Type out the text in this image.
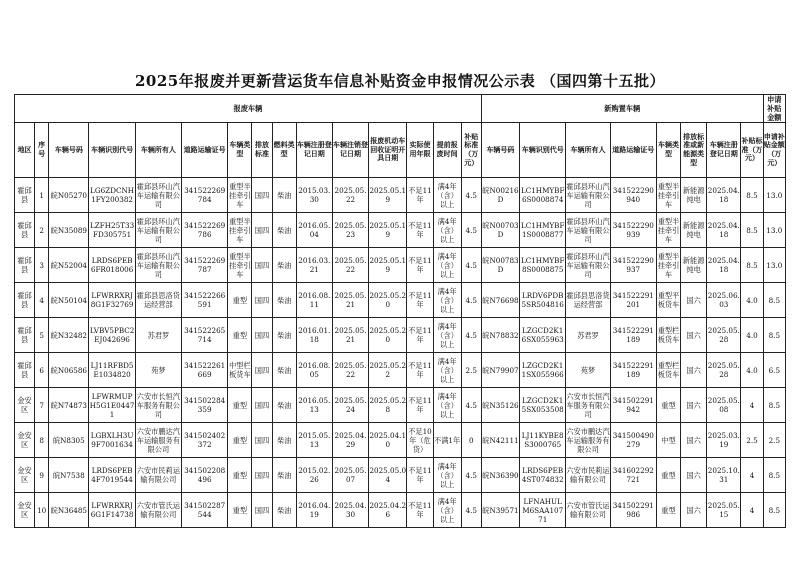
2025年报废并更新营运货车信息补贴资金申报情况公示表 （国四第十五批）
报废车辆															新购置车辆								申请补贴金额
地区	序号	车辆号码	车辆识别代号	车辆所有人	道路运输证号	车辆类型	排放标准	燃料类型	车辆注册登记日期	车辆注销登记日期	报废机动车回收证明开具日期	实际使用年限	提前报废时间	补贴标准（万元）	车辆号码	车辆识别代号	车辆所有人	道路运输证号	车辆类型	排放标准或新能源类型	车辆注册登记日期	补贴标准（万元）	申请补贴金额（万元）
霍邱县	1	皖N05270	LG6ZDCNH1FY200382	霍邱县环山汽车运输有限公司	341522269784	重型半挂牵引车	国四	柴油	2015.03.30	2025.05.22	2025.05.19	不足11年	满4年（含）以上	4.5	皖N00216D	LC1HMYBF6S0008874	霍邱县环山汽车运输有限公司	341522290940	重型半挂牵引车	新能源纯电	2025.04.18	8.5	13.0
霍邱县	2	皖N35089	LZFH25T33FD305751	霍邱县环山汽车运输有限公司	341522269786	重型半挂牵引车	国四	柴油	2016.05.04	2025.05.23	2025.05.19	不足11年	满4年（含）以上	4.5	皖N00703D	LC1HMYBF1S0008877	霍邱县环山汽车运输有限公司	341522290939	重型半挂牵引车	新能源纯电	2025.04.18	8.5	13.0
霍邱县	3	皖N52004	LRDS6PEB6FR018006	霍邱县环山汽车运输有限公司	341522269787	重型半挂牵引车	国四	柴油	2016.03.21	2025.05.22	2025.05.19	不足11年	满4年（含）以上	4.5	皖N00783D	LC1HMYBF8S0008875	霍邱县环山汽车运输有限公司	341522290937	重型半挂牵引车	新能源纯电	2025.04.18	8.5	13.0
霍邱县	4	皖N50104	LFWRRXRJ8G1F32769	霍邱县思洛货运经营部	341522266591	重型	国四	柴油	2016.08.11	2025.05.21	2025.05.20	不足11年	满4年（含）以上	4.5	皖N76698	LRDV6PDB5SR504816	霍邱县思洛货运经营部	341522291201	重型平板货车	国六	2025.06.03	4.0	8.5
霍邱县	5	皖N32482	LVBV5PBC2EJ042696	苏君罗	341522265714	重型	国四	柴油	2016.01.18	2025.05.21	2025.05.20	不足11年	满4年（含）以上	4.5	皖N78832	LZGCD2K16SX055963	苏君罗	341522291189	重型栏板货车	国六	2025.05.28	4.0	8.5
霍邱县	6	皖N06586	LJ11RFBD5E1034820	苑梦	341522261669	中型栏板货车	国四	柴油	2016.08.05	2025.05.22	2025.05.22	不足11年	满4年（含）以上	2.5	皖N79907	LZGCD2K11SX055966	苑梦	341522291189	重型栏板货车	国六	2025.05.28	4.0	6.5
金安区	7	皖N74873	LFWRMUPH5G1E04471	六安市长恒汽车服务有限公司	341502284359	重型	国四	柴油	2016.05.13	2025.05.24	2025.05.28	不足11年	满4年（含）以上	4.5	皖N35126	LZGCD2K15SX053508	六安市长恒汽车服务有限公司	341502291942	重型	国六	2025.05.08	4	8.5
金安区	8	皖N8305	LGBXLH3U9F7001634	六安市鹏达汽车运输服务有限公司	341502402372	重型	国四	柴油	2015.05.13	2025.04.29	2025.04.10	不足10年（危货）	不满1年	0	皖N42111	LJ11KYBE8S3000765	六安市鹏达汽车运输服务有限公司	341500490279	中型	国六	2025.03.19	2.5	2.5
金安区	9	皖N7538	LRDS6PEB4F7019544	六安市民莉运输有限公司	341502208496	重型	国四	柴油	2015.02.26	2025.05.07	2025.05.04	不足11年	满4年（含）以上	4.5	皖N36390	LRDS6PEB4ST074832	六安市民莉运输有限公司	341602292721	重型	国六	2025.10.31	4	8.5
金安区	10	皖N36485	LFWRRXRJ6G1F14738	六安市管氏运输有限公司	341502287544	重型	国四	柴油	2016.04.19	2025.04.30	2025.04.26	不足11年	满4年（含）以上	4.5	皖N39571	LFNAHULM6SAA10771	六安市管氏运输有限公司	341502291986	重型	国六	2025.05.15	4	8.5
